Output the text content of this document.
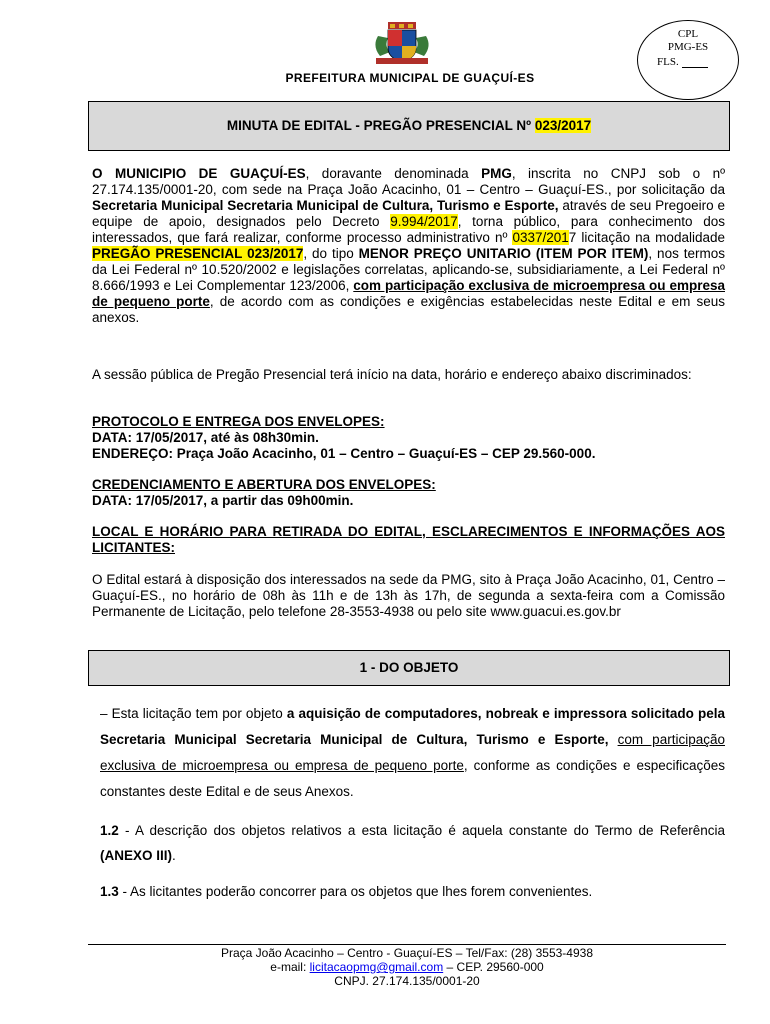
PREFEITURA MUNICIPAL DE GUAÇUÍ-ES
CPL
PMG-ES
FLS.
MINUTA DE EDITAL - PREGÃO PRESENCIAL Nº 023/2017
O MUNICIPIO DE GUAÇUÍ-ES, doravante denominada PMG, inscrita no CNPJ sob o nº 27.174.135/0001-20, com sede na Praça João Acacinho, 01 – Centro – Guaçuí-ES., por solicitação da Secretaria Municipal Secretaria Municipal de Cultura, Turismo e Esporte, através de seu Pregoeiro e equipe de apoio, designados pelo Decreto 9.994/2017, torna público, para conhecimento dos interessados, que fará realizar, conforme processo administrativo nº 0337/2017 licitação na modalidade PREGÃO PRESENCIAL 023/2017, do tipo MENOR PREÇO UNITARIO (ITEM POR ITEM), nos termos da Lei Federal nº 10.520/2002 e legislações correlatas, aplicando-se, subsidiariamente, a Lei Federal nº 8.666/1993 e Lei Complementar 123/2006, com participação exclusiva de microempresa ou empresa de pequeno porte, de acordo com as condições e exigências estabelecidas neste Edital e em seus anexos.
A sessão pública de Pregão Presencial terá início na data, horário e endereço abaixo discriminados:
PROTOCOLO E ENTREGA DOS ENVELOPES:
DATA: 17/05/2017, até às 08h30min.
ENDEREÇO: Praça João Acacinho, 01 – Centro – Guaçuí-ES – CEP 29.560-000.
CREDENCIAMENTO E ABERTURA DOS ENVELOPES:
DATA: 17/05/2017, a partir das 09h00min.
LOCAL E HORÁRIO PARA RETIRADA DO EDITAL, ESCLARECIMENTOS E INFORMAÇÕES AOS LICITANTES:
O Edital estará à disposição dos interessados na sede da PMG, sito à Praça João Acacinho, 01, Centro – Guaçuí-ES., no horário de 08h às 11h e de 13h às 17h, de segunda a sexta-feira com a Comissão Permanente de Licitação, pelo telefone 28-3553-4938 ou pelo site www.guacui.es.gov.br
1 - DO OBJETO
– Esta licitação tem por objeto a aquisição de computadores, nobreak e impressora solicitado pela Secretaria Municipal Secretaria Municipal de Cultura, Turismo e Esporte, com participação exclusiva de microempresa ou empresa de pequeno porte, conforme as condições e especificações constantes deste Edital e de seus Anexos.
1.2 - A descrição dos objetos relativos a esta licitação é aquela constante do Termo de Referência (ANEXO III).
1.3 - As licitantes poderão concorrer para os objetos que lhes forem convenientes.
Praça João Acacinho – Centro - Guaçuí-ES – Tel/Fax: (28) 3553-4938
e-mail: licitacaopmg@gmail.com – CEP. 29560-000
CNPJ. 27.174.135/0001-20
